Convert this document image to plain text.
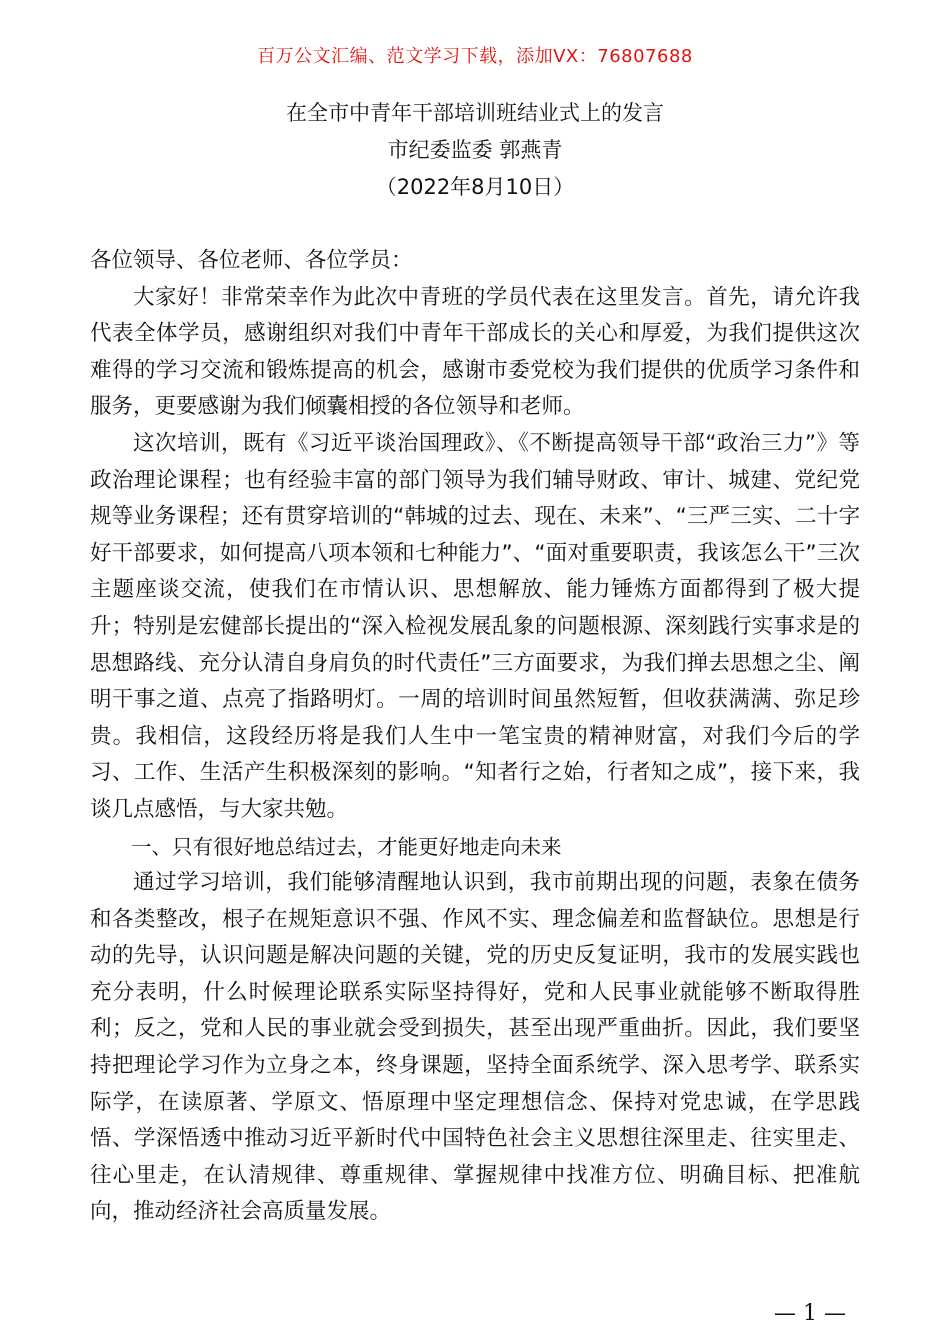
百万公文汇编、范文学习下载，添加VX：76807688
在全市中青年干部培训班结业式上的发言
市纪委监委 郭燕青
（2022年8月10日）

各位领导、各位老师、各位学员：

大家好！非常荣幸作为此次中青班的学员代表在这里发言。首先，请允许我代表全体学员，感谢组织对我们中青年干部成长的关心和厚爱，为我们提供这次难得的学习交流和锻炼提高的机会，感谢市委党校为我们提供的优质学习条件和服务，更要感谢为我们倾囊相授的各位领导和老师。

这次培训，既有《习近平谈治国理政》、《不断提高领导干部“政治三力”》等政治理论课程；也有经验丰富的部门领导为我们辅导财政、审计、城建、党纪党规等业务课程；还有贯穿培训的“韩城的过去、现在、未来”、“三严三实、二十字好干部要求，如何提高八项本领和七种能力”、“面对重要职责，我该怎么干”三次主题座谈交流，使我们在市情认识、思想解放、能力锤炼方面都得到了极大提升；特别是宏健部长提出的“深入检视发展乱象的问题根源、深刻践行实事求是的思想路线、充分认清自身肩负的时代责任”三方面要求，为我们掸去思想之尘、阐明干事之道、点亮了指路明灯。一周的培训时间虽然短暂，但收获满满、弥足珍贵。我相信，这段经历将是我们人生中一笔宝贵的精神财富，对我们今后的学习、工作、生活产生积极深刻的影响。“知者行之始，行者知之成”，接下来，我谈几点感悟，与大家共勉。

一、只有很好地总结过去，才能更好地走向未来

通过学习培训，我们能够清醒地认识到，我市前期出现的问题，表象在债务和各类整改，根子在规矩意识不强、作风不实、理念偏差和监督缺位。思想是行动的先导，认识问题是解决问题的关键，党的历史反复证明，我市的发展实践也充分表明，什么时候理论联系实际坚持得好，党和人民事业就能够不断取得胜利；反之，党和人民的事业就会受到损失，甚至出现严重曲折。因此，我们要坚持把理论学习作为立身之本，终身课题，坚持全面系统学、深入思考学、联系实际学，在读原著、学原文、悟原理中坚定理想信念、保持对党忠诚，在学思践悟、学深悟透中推动习近平新时代中国特色社会主义思想往深里走、往实里走、往心里走，在认清规律、尊重规律、掌握规律中找准方位、明确目标、把准航向，推动经济社会高质量发展。

— 1 —
